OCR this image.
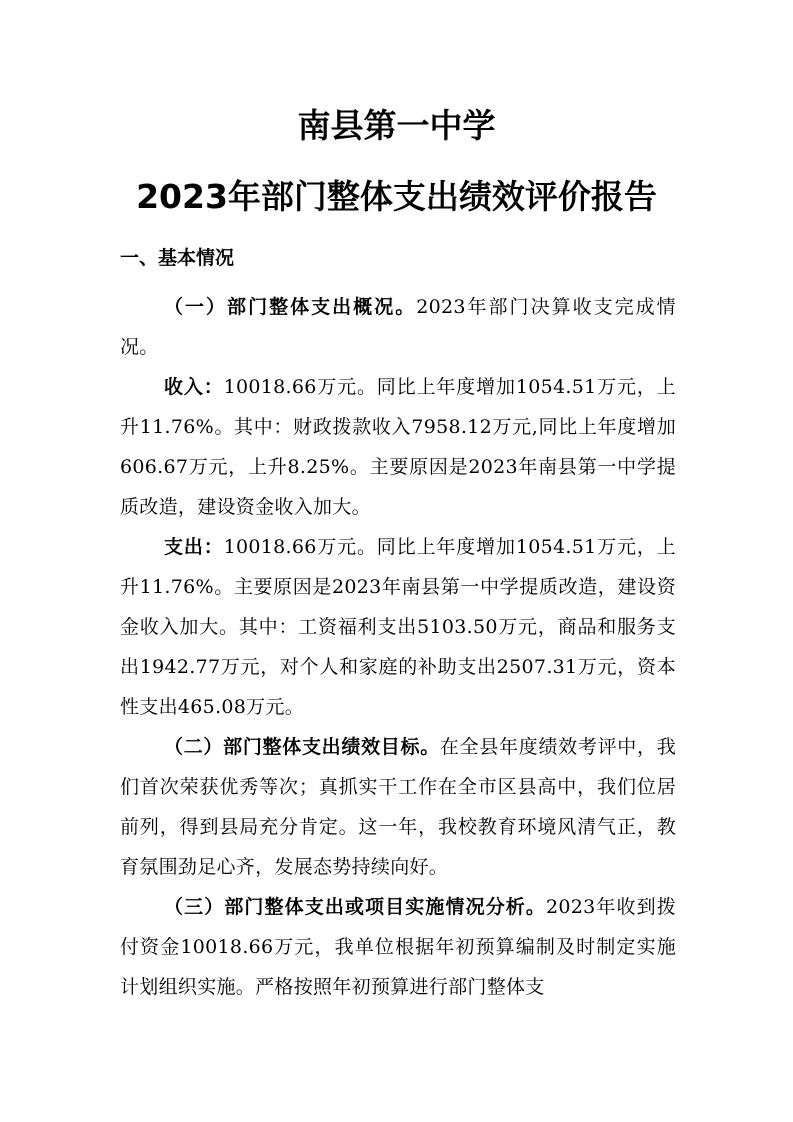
南县第一中学
2023年部门整体支出绩效评价报告
一、基本情况

（一）部门整体支出概况。2023年部门决算收支完成情况。

收入：10018.66万元。同比上年度增加1054.51万元，上升11.76%。其中：财政拨款收入7958.12万元,同比上年度增加606.67万元，上升8.25%。主要原因是2023年南县第一中学提质改造，建设资金收入加大。

支出：10018.66万元。同比上年度增加1054.51万元，上升11.76%。主要原因是2023年南县第一中学提质改造，建设资金收入加大。其中：工资福利支出5103.50万元，商品和服务支出1942.77万元，对个人和家庭的补助支出2507.31万元，资本性支出465.08万元。

（二）部门整体支出绩效目标。在全县年度绩效考评中，我们首次荣获优秀等次；真抓实干工作在全市区县高中，我们位居前列，得到县局充分肯定。这一年，我校教育环境风清气正，教育氛围劲足心齐，发展态势持续向好。

（三）部门整体支出或项目实施情况分析。2023年收到拨付资金10018.66万元，我单位根据年初预算编制及时制定实施计划组织实施。严格按照年初预算进行部门整体支
